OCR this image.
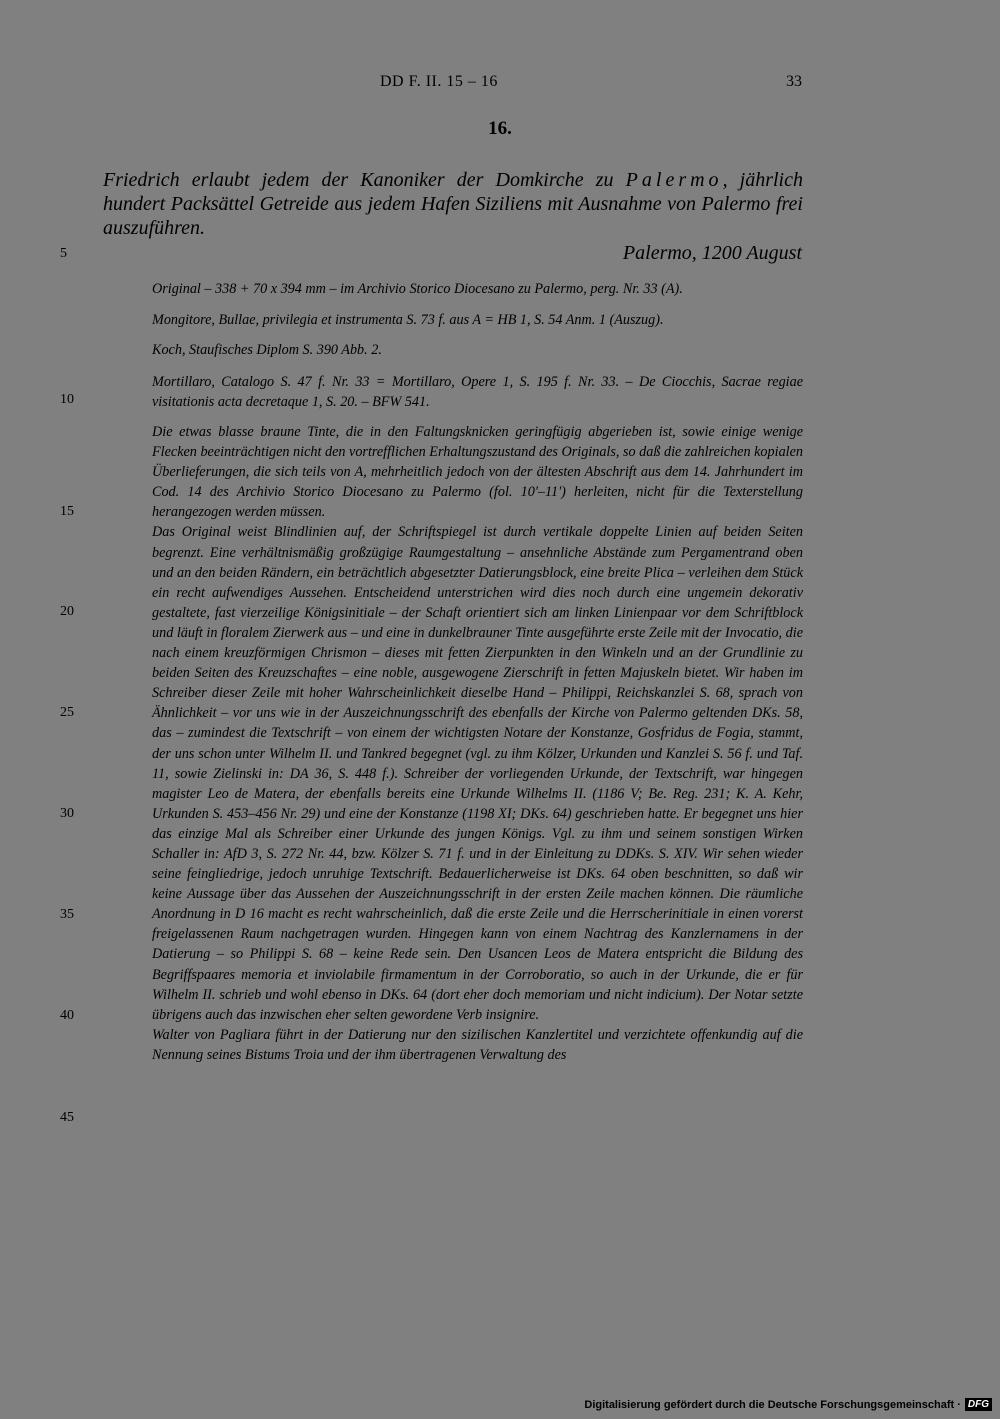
DD F. II. 15 – 16	33
16.
Friedrich erlaubt jedem der Kanoniker der Domkirche zu Palermo, jährlich hundert Packsättel Getreide aus jedem Hafen Siziliens mit Ausnahme von Palermo frei auszuführen.
Palermo, 1200 August
5
10
15
20
25
30
35
40
45
Original – 338 + 70 x 394 mm – im Archivio Storico Diocesano zu Palermo, perg. Nr. 33 (A).
Mongitore, Bullae, privilegia et instrumenta S. 73 f. aus A = HB 1, S. 54 Anm. 1 (Auszug).
Koch, Staufisches Diplom S. 390 Abb. 2.
Mortillaro, Catalogo S. 47 f. Nr. 33 = Mortillaro, Opere 1, S. 195 f. Nr. 33. – De Ciocchis, Sacrae regiae visitationis acta decretaque 1, S. 20. – BFW 541.

Die etwas blasse braune Tinte, die in den Faltungsknicken geringfügig abgerieben ist, sowie einige wenige Flecken beeinträchtigen nicht den vortrefflichen Erhaltungszustand des Originals, so daß die zahlreichen kopialen Überlieferungen, die sich teils von A, mehrheitlich jedoch von der ältesten Abschrift aus dem 14. Jahrhundert im Cod. 14 des Archivio Storico Diocesano zu Palermo (fol. 10'–11') herleiten, nicht für die Texterstellung herangezogen werden müssen.

Das Original weist Blindlinien auf, der Schriftspiegel ist durch vertikale doppelte Linien auf beiden Seiten begrenzt. Eine verhältnismäßig großzügige Raumgestaltung – ansehnliche Abstände zum Pergamentrand oben und an den beiden Rändern, ein beträchtlich abgesetzter Datierungsblock, eine breite Plica – verleihen dem Stück ein recht aufwendiges Aussehen. Entscheidend unterstrichen wird dies noch durch eine ungemein dekorativ gestaltete, fast vierzeilige Königsinitiale – der Schaft orientiert sich am linken Linienpaar vor dem Schriftblock und läuft in floralem Zierwerk aus – und eine in dunkelbrauner Tinte ausgeführte erste Zeile mit der Invocatio, die nach einem kreuzförmigen Chrismon – dieses mit fetten Zierpunkten in den Winkeln und an der Grundlinie zu beiden Seiten des Kreuzschaftes – eine noble, ausgewogene Zierschrift in fetten Majuskeln bietet. Wir haben im Schreiber dieser Zeile mit hoher Wahrscheinlichkeit dieselbe Hand – Philippi, Reichskanzlei S. 68, sprach von Ähnlichkeit – vor uns wie in der Auszeichnungsschrift des ebenfalls der Kirche von Palermo geltenden DKs. 58, das – zumindest die Textschrift – von einem der wichtigsten Notare der Konstanze, Gosfridus de Fogia, stammt, der uns schon unter Wilhelm II. und Tankred begegnet (vgl. zu ihm Kölzer, Urkunden und Kanzlei S. 56 f. und Taf. 11, sowie Zielinski in: DA 36, S. 448 f.). Schreiber der vorliegenden Urkunde, der Textschrift, war hingegen magister Leo de Matera, der ebenfalls bereits eine Urkunde Wilhelms II. (1186 V; Be. Reg. 231; K. A. Kehr, Urkunden S. 453–456 Nr. 29) und eine der Konstanze (1198 XI; DKs. 64) geschrieben hatte. Er begegnet uns hier das einzige Mal als Schreiber einer Urkunde des jungen Königs. Vgl. zu ihm und seinem sonstigen Wirken Schaller in: AfD 3, S. 272 Nr. 44, bzw. Kölzer S. 71 f. und in der Einleitung zu DDKs. S. XIV. Wir sehen wieder seine feingliedrige, jedoch unruhige Textschrift. Bedauerlicherweise ist DKs. 64 oben beschnitten, so daß wir keine Aussage über das Aussehen der Auszeichnungsschrift in der ersten Zeile machen können. Die räumliche Anordnung in D 16 macht es recht wahrscheinlich, daß die erste Zeile und die Herrscherinitiale in einen vorerst freigelassenen Raum nachgetragen wurden. Hingegen kann von einem Nachtrag des Kanzlernamens in der Datierung – so Philippi S. 68 – keine Rede sein. Den Usancen Leos de Matera entspricht die Bildung des Begriffspaares memoria et inviolabile firmamentum in der Corroboratio, so auch in der Urkunde, die er für Wilhelm II. schrieb und wohl ebenso in DKs. 64 (dort eher doch memoriam und nicht indicium). Der Notar setzte übrigens auch das inzwischen eher selten gewordene Verb insignire.

Walter von Pagliara führt in der Datierung nur den sizilischen Kanzlertitel und verzichtete offenkundig auf die Nennung seines Bistums Troia und der ihm übertragenen Verwaltung des

Digitalisierung gefördert durch die Deutsche Forschungsgemeinschaft · DFG
